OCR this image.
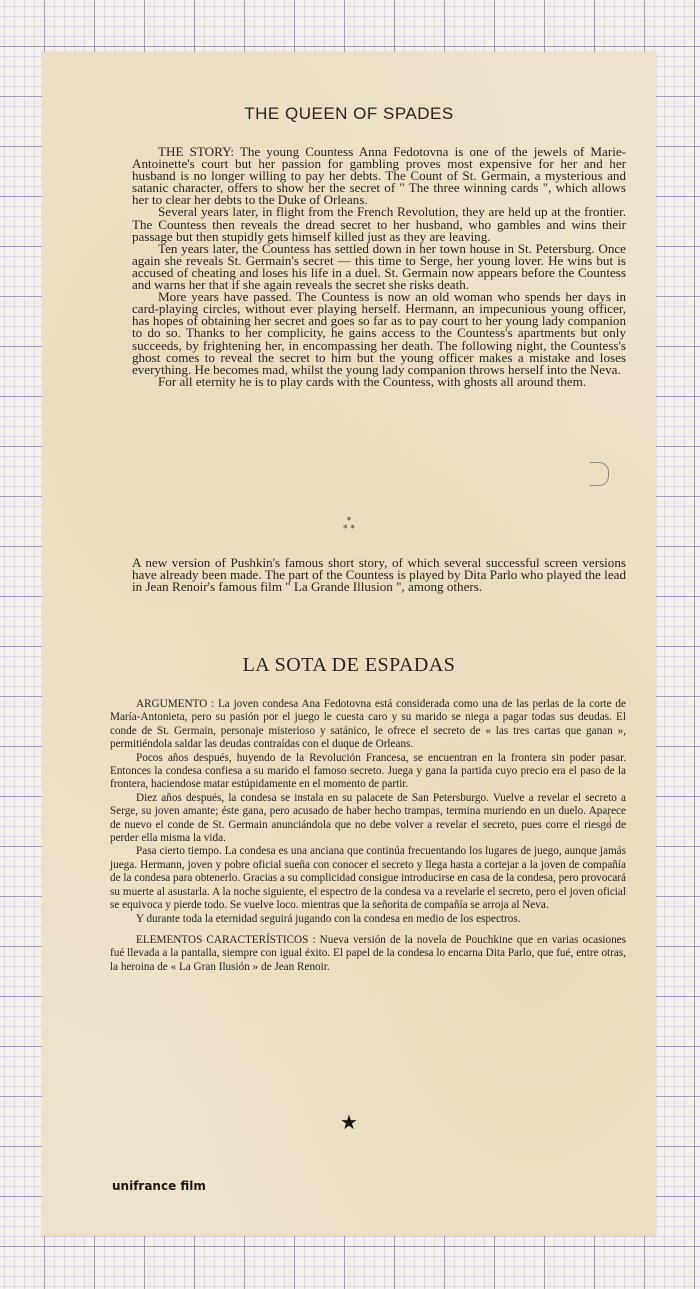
THE QUEEN OF SPADES

THE STORY: The young Countess Anna Fedotovna is one of the jewels of Marie-Antoinette's court but her passion for gambling proves most expensive for her and her husband is no longer willing to pay her debts. The Count of St. Germain, a mysterious and satanic character, offers to show her the secret of " The three winning cards ", which allows her to clear her debts to the Duke of Orleans.

Several years later, in flight from the French Revolution, they are held up at the frontier. The Countess then reveals the dread secret to her husband, who gambles and wins their passage but then stupidly gets himself killed just as they are leaving.

Ten years later, the Countess has settled down in her town house in St. Petersburg. Once again she reveals St. Germain's secret — this time to Serge, her young lover. He wins but is accused of cheating and loses his life in a duel. St. Germain now appears before the Countess and warns her that if she again reveals the secret she risks death.

More years have passed. The Countess is now an old woman who spends her days in card-playing circles, without ever playing herself. Hermann, an impecunious young officer, has hopes of obtaining her secret and goes so far as to pay court to her young lady companion to do so. Thanks to her complicity, he gains access to the Countess's apartments but only succeeds, by frightening her, in encompassing her death. The following night, the Countess's ghost comes to reveal the secret to him but the young officer makes a mistake and loses everything. He becomes mad, whilst the young lady companion throws herself into the Neva.

For all eternity he is to play cards with the Countess, with ghosts all around them.

*
* *

A new version of Pushkin's famous short story, of which several successful screen versions have already been made. The part of the Countess is played by Dita Parlo who played the lead in Jean Renoir's famous film " La Grande Illusion ", among others.

LA SOTA DE ESPADAS

ARGUMENTO : La joven condesa Ana Fedotovna está considerada como una de las perlas de la corte de María-Antonieta, pero su pasión por el juego le cuesta caro y su marido se niega a pagar todas sus deudas. El conde de St. Germain, personaje misterioso y satánico, le ofrece el secreto de « las tres cartas que ganan », permitiéndola saldar las deudas contraídas con el duque de Orleans.

Pocos años después, huyendo de la Revolución Francesa, se encuentran en la frontera sin poder pasar. Entonces la condesa confiesa a su marido el famoso secreto. Juega y gana la partida cuyo precio era el paso de la frontera, haciendose matar estúpidamente en el momento de partir.

Diez años después, la condesa se instala en su palacete de San Petersburgo. Vuelve a revelar el secreto a Serge, su joven amante; éste gana, pero acusado de haber hecho trampas, termina muriendo en un duelo. Aparece de nuevo el conde de St. Germain anunciándola que no debe volver a revelar el secreto, pues corre el riesgo de perder ella misma la vida.

Pasa cierto tiempo. La condesa es una anciana que continúa frecuentando los lugares de juego, aunque jamás juega. Hermann, joven y pobre oficial sueña con conocer el secreto y llega hasta a cortejar a la joven de compañía de la condesa para obtenerlo. Gracias a su complicidad consigue introducirse en casa de la condesa, pero provocará su muerte al asustarla. A la noche siguiente, el espectro de la condesa va a revelarle el secreto, pero el joven oficial se equivoca y pierde todo. Se vuelve loco. mientras que la señorita de compañía se arroja al Neva.

Y durante toda la eternidad seguirá jugando con la condesa en medio de los espectros.

ELEMENTOS CARACTERÍSTICOS : Nueva versión de la novela de Pouchkine que en varias ocasiones fué llevada a la pantalla, siempre con igual éxito. El papel de la condesa lo encarna Dita Parlo, que fué, entre otras, la heroina de « La Gran Ilusión » de Jean Renoir.

★
unifrance film
